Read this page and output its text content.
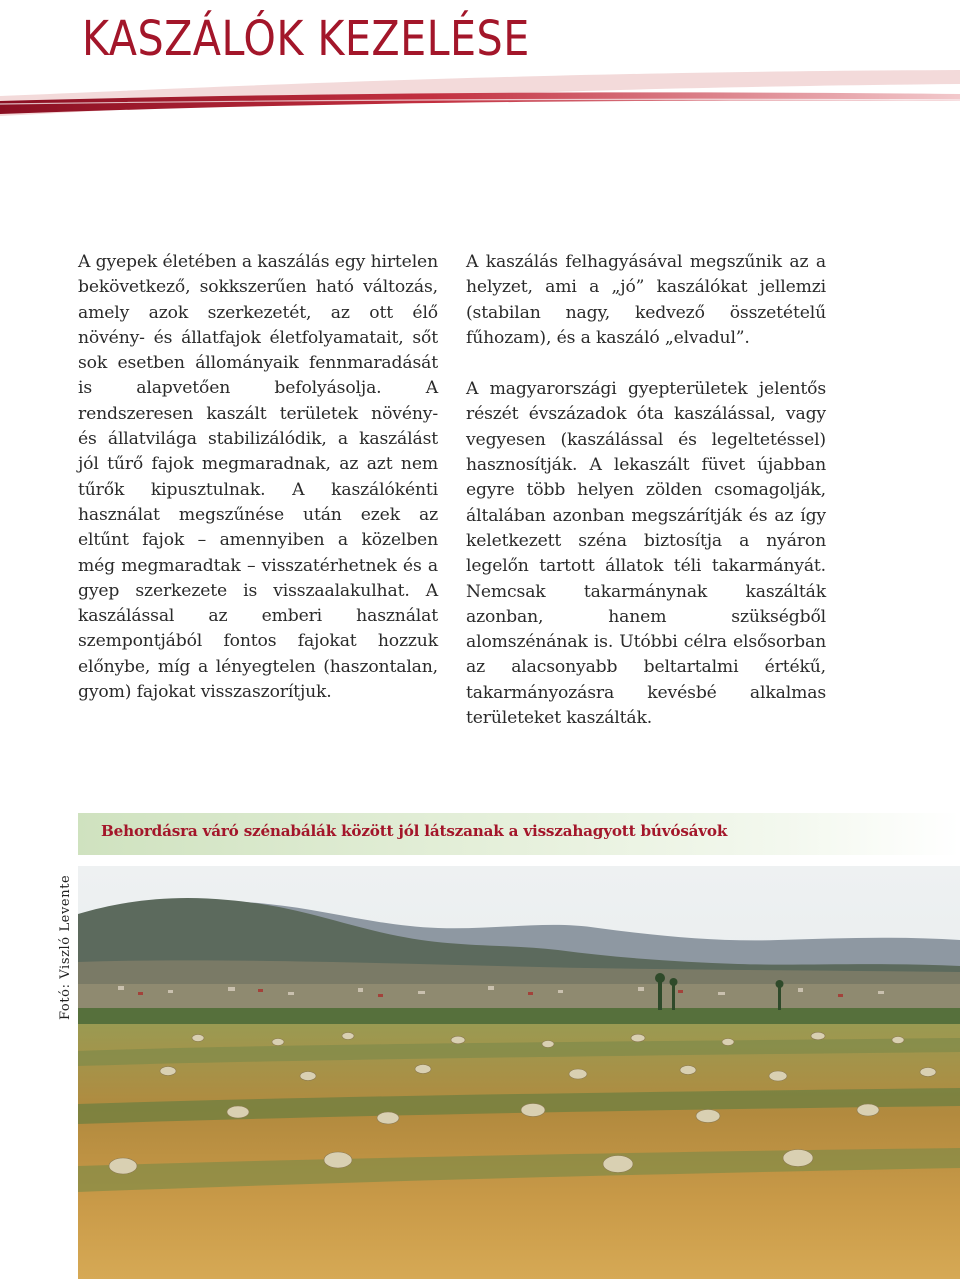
KASZÁLÓK KEZELÉSE

A gyepek életében a kaszálás egy hirtelen bekövetkező, sokkszerűen ható változás, amely azok szerkezetét, az ott élő növény- és állatfajok életfolyamatait, sőt sok esetben állományaik fennmaradását is alapvetően befolyásolja. A rendszeresen kaszált területek növény- és állatvilága stabilizálódik, a kaszálást jól tűrő fajok megmaradnak, az azt nem tűrők kipusztulnak. A kaszálókénti használat megszűnése után ezek az eltűnt fajok – amennyiben a közelben még megmaradtak – visszatérhetnek és a gyep szerkezete is visszaalakulhat. A kaszálással az emberi használat szempontjából fontos fajokat hozzuk előnybe, míg a lényegtelen (haszontalan, gyom) fajokat visszaszorítjuk.

A kaszálás felhagyásával megszűnik az a helyzet, ami a „jó” kaszálókat jellemzi (stabilan nagy, kedvező összetételű fűhozam), és a kaszáló „elvadul”.

A magyarországi gyepterületek jelentős részét évszázadok óta kaszálással, vagy vegyesen (kaszálással és legeltetéssel) hasznosítják. A lekaszált füvet újabban egyre több helyen zölden csomagolják, általában azonban megszárítják és az így keletkezett széna biztosítja a nyáron legelőn tartott állatok téli takarmányát. Nemcsak takarmánynak kaszálták azonban, hanem szükségből alomszénának is. Utóbbi célra elsősorban az alacsonyabb beltartalmi értékű, takarmányozásra kevésbé alkalmas területeket kaszálták.

Behordásra váró szénabálák között jól látszanak a visszahagyott búvósávok

Fotó: Viszló Levente
